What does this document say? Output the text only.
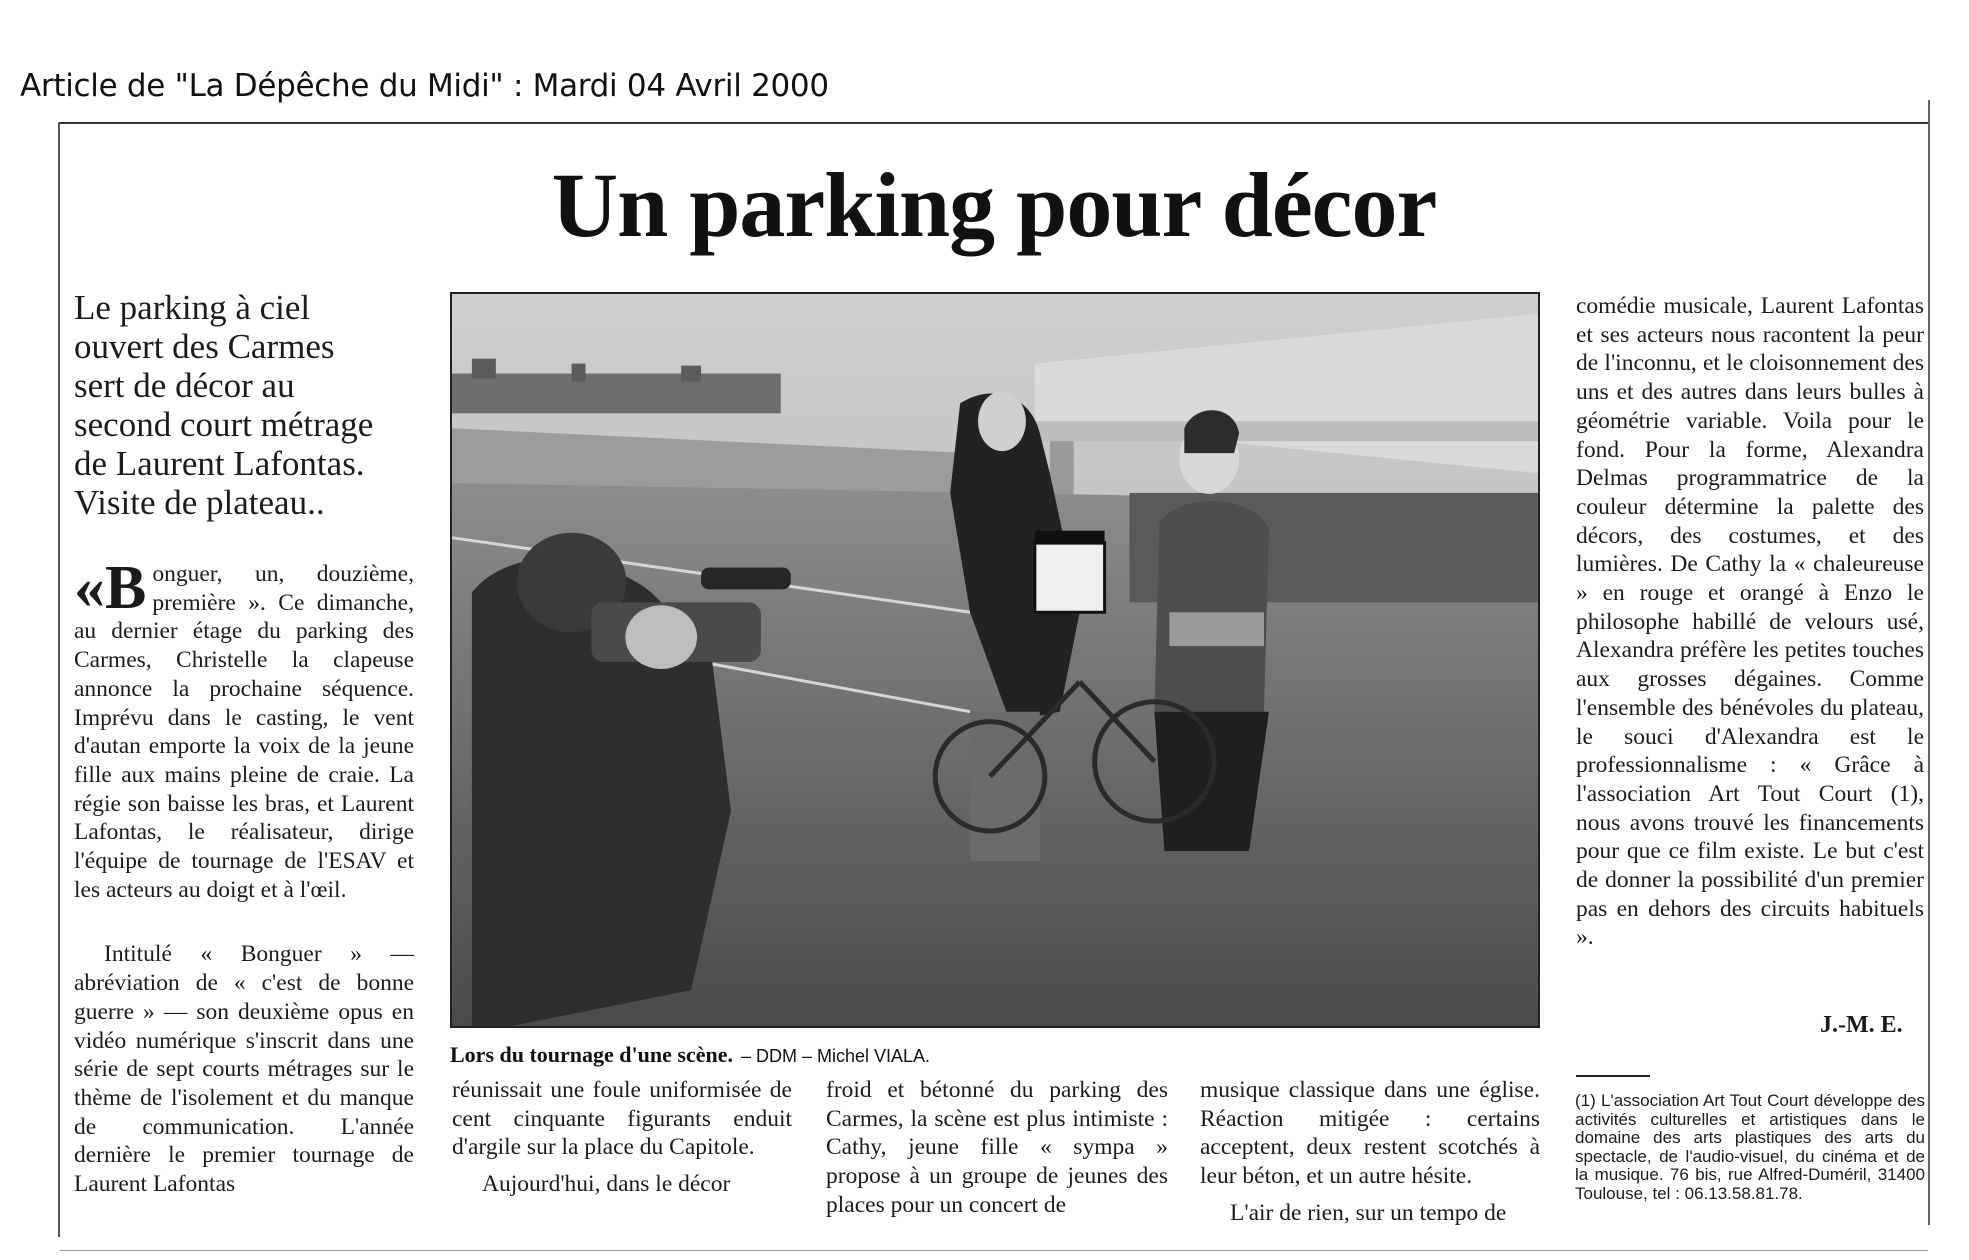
Article de "La Dépêche du Midi" : Mardi 04 Avril 2000
Un parking pour décor
Le parking à ciel
ouvert des Carmes
sert de décor au
second court métrage
de Laurent Lafontas.
Visite de plateau..

«Bonguer, un, douzième, première ». Ce dimanche, au dernier étage du parking des Carmes, Christelle la clapeuse annonce la prochaine séquence. Imprévu dans le casting, le vent d'autan emporte la voix de la jeune fille aux mains pleine de craie. La régie son baisse les bras, et Laurent Lafontas, le réalisateur, dirige l'équipe de tournage de l'ESAV et les acteurs au doigt et à l'œil.

Intitulé « Bonguer » —abréviation de « c'est de bonne guerre » — son deuxième opus en vidéo numérique s'inscrit dans une série de sept courts métrages sur le thème de l'isolement et du manque de communication. L'année dernière le premier tournage de Laurent Lafontas

Lors du tournage d'une scène. – DDM – Michel VIALA.

réunissait une foule uniformisée de cent cinquante figurants enduit d'argile sur la place du Capitole.

Aujourd'hui, dans le décor

froid et bétonné du parking des Carmes, la scène est plus intimiste : Cathy, jeune fille « sympa » propose à un groupe de jeunes des places pour un concert de

musique classique dans une église. Réaction mitigée : certains acceptent, deux restent scotchés à leur béton, et un autre hésite.

L'air de rien, sur un tempo de

comédie musicale, Laurent Lafontas et ses acteurs nous racontent la peur de l'inconnu, et le cloisonnement des uns et des autres dans leurs bulles à géométrie variable. Voila pour le fond. Pour la forme, Alexandra Delmas programmatrice de la couleur détermine la palette des décors, des costumes, et des lumières. De Cathy la « chaleureuse » en rouge et orangé à Enzo le philosophe habillé de velours usé, Alexandra préfère les petites touches aux grosses dégaines. Comme l'ensemble des bénévoles du plateau, le souci d'Alexandra est le professionnalisme : « Grâce à l'association Art Tout Court (1), nous avons trouvé les financements pour que ce film existe. Le but c'est de donner la possibilité d'un premier pas en dehors des circuits habituels ».

J.-M. E.
(1) L'association Art Tout Court développe des activités culturelles et artistiques dans le domaine des arts plastiques des arts du spectacle, de l'audio-visuel, du cinéma et de la musique. 76 bis, rue Alfred-Duméril, 31400 Toulouse, tel : 06.13.58.81.78.
